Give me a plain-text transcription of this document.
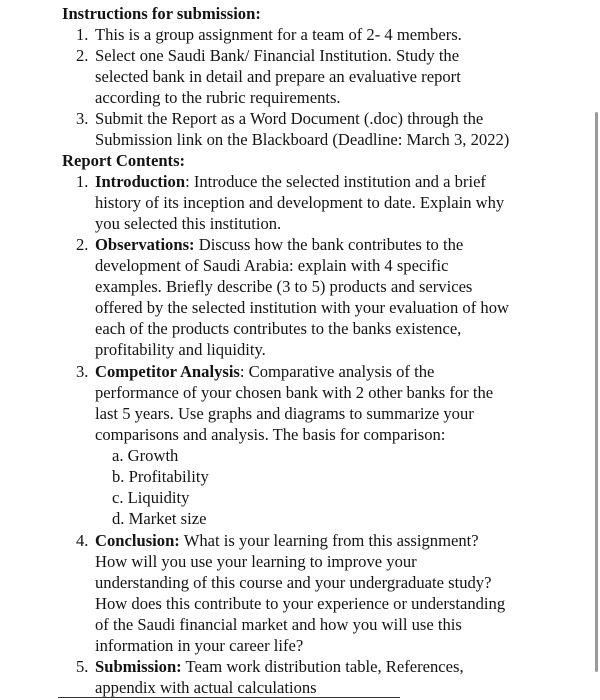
Instructions for submission:
1. This is a group assignment for a team of 2- 4 members.
2. Select one Saudi Bank/ Financial Institution. Study the
selected bank in detail and prepare an evaluative report
according to the rubric requirements.
3. Submit the Report as a Word Document (.doc) through the
Submission link on the Blackboard (Deadline: March 3, 2022)
Report Contents:
1. Introduction: Introduce the selected institution and a brief
history of its inception and development to date. Explain why
you selected this institution.
2. Observations: Discuss how the bank contributes to the
development of Saudi Arabia: explain with 4 specific
examples. Briefly describe (3 to 5) products and services
offered by the selected institution with your evaluation of how
each of the products contributes to the banks existence,
profitability and liquidity.
3. Competitor Analysis: Comparative analysis of the
performance of your chosen bank with 2 other banks for the
last 5 years. Use graphs and diagrams to summarize your
comparisons and analysis. The basis for comparison:
a. Growth
b. Profitability
c. Liquidity
d. Market size
4. Conclusion: What is your learning from this assignment?
How will you use your learning to improve your
understanding of this course and your undergraduate study?
How does this contribute to your experience or understanding
of the Saudi financial market and how you will use this
information in your career life?
5. Submission: Team work distribution table, References,
appendix with actual calculations
